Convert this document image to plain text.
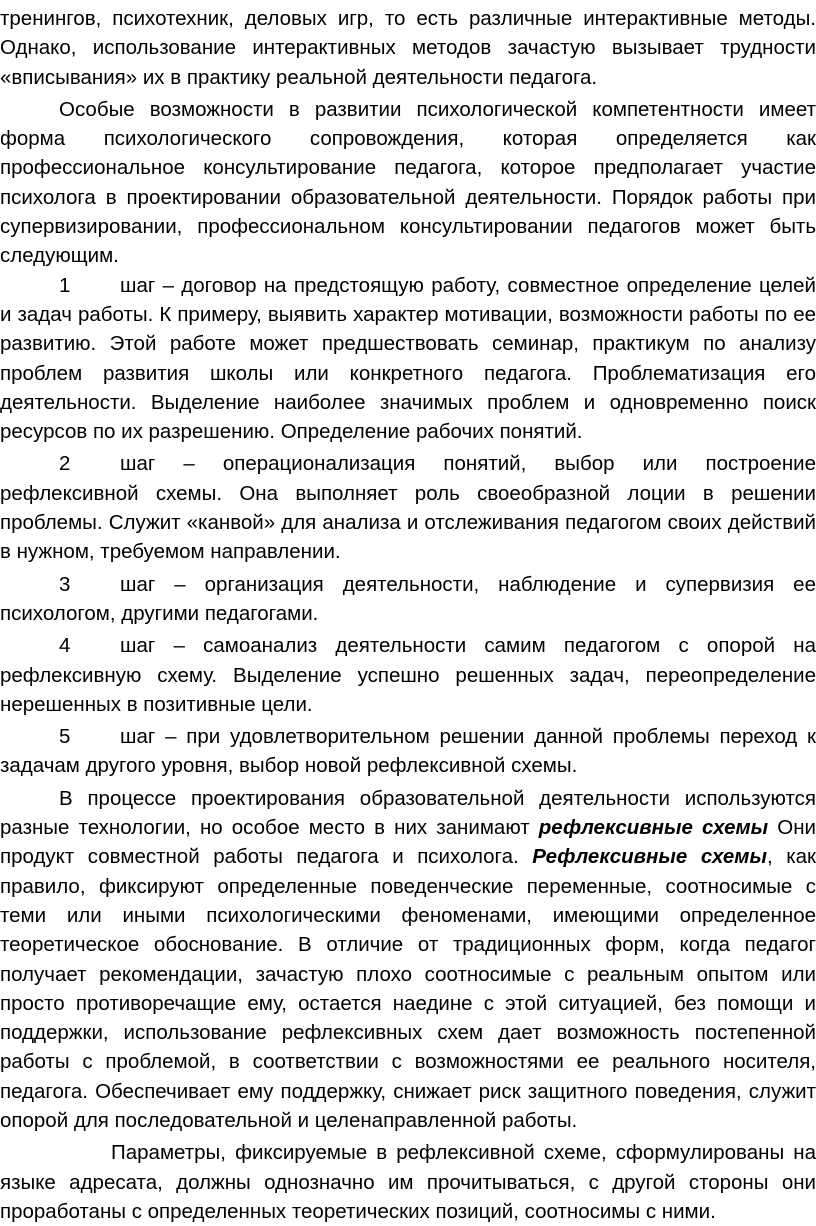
тренингов, психотехник, деловых игр, то есть различные интерактивные методы. Однако, использование интерактивных методов зачастую вызывает трудности «вписывания» их в практику реальной деятельности педагога.

Особые возможности в развитии психологической компетентности имеет форма психологического сопровождения, которая определяется как профессиональное консультирование педагога, которое предполагает участие психолога в проектировании образовательной деятельности. Порядок работы при супервизировании, профессиональном консультировании педагогов может быть следующим.

1 шаг – договор на предстоящую работу, совместное определение целей и задач работы. К примеру, выявить характер мотивации, возможности работы по ее развитию. Этой работе может предшествовать семинар, практикум по анализу проблем развития школы или конкретного педагога. Проблематизация его деятельности. Выделение наиболее значимых проблем и одновременно поиск ресурсов по их разрешению. Определение рабочих понятий.

2 шаг – операционализация понятий, выбор или построение рефлексивной схемы. Она выполняет роль своеобразной лоции в решении проблемы. Служит «канвой» для анализа и отслеживания педагогом своих действий в нужном, требуемом направлении.

3 шаг – организация деятельности, наблюдение и супервизия ее психологом, другими педагогами.

4 шаг – самоанализ деятельности самим педагогом с опорой на рефлексивную схему. Выделение успешно решенных задач, переопределение нерешенных в позитивные цели.

5 шаг – при удовлетворительном решении данной проблемы переход к задачам другого уровня, выбор новой рефлексивной схемы.

В процессе проектирования образовательной деятельности используются разные технологии, но особое место в них занимают рефлексивные схемы Они продукт совместной работы педагога и психолога. Рефлексивные схемы, как правило, фиксируют определенные поведенческие переменные, соотносимые с теми или иными психологическими феноменами, имеющими определенное теоретическое обоснование. В отличие от традиционных форм, когда педагог получает рекомендации, зачастую плохо соотносимые с реальным опытом или просто противоречащие ему, остается наедине с этой ситуацией, без помощи и поддержки, использование рефлексивных схем дает возможность постепенной работы с проблемой, в соответствии с возможностями ее реального носителя, педагога. Обеспечивает ему поддержку, снижает риск защитного поведения, служит опорой для последовательной и целенаправленной работы.

Параметры, фиксируемые в рефлексивной схеме, сформулированы на языке адресата, должны однозначно им прочитываться, с другой стороны они проработаны с определенных теоретических позиций, соотносимы с ними.
